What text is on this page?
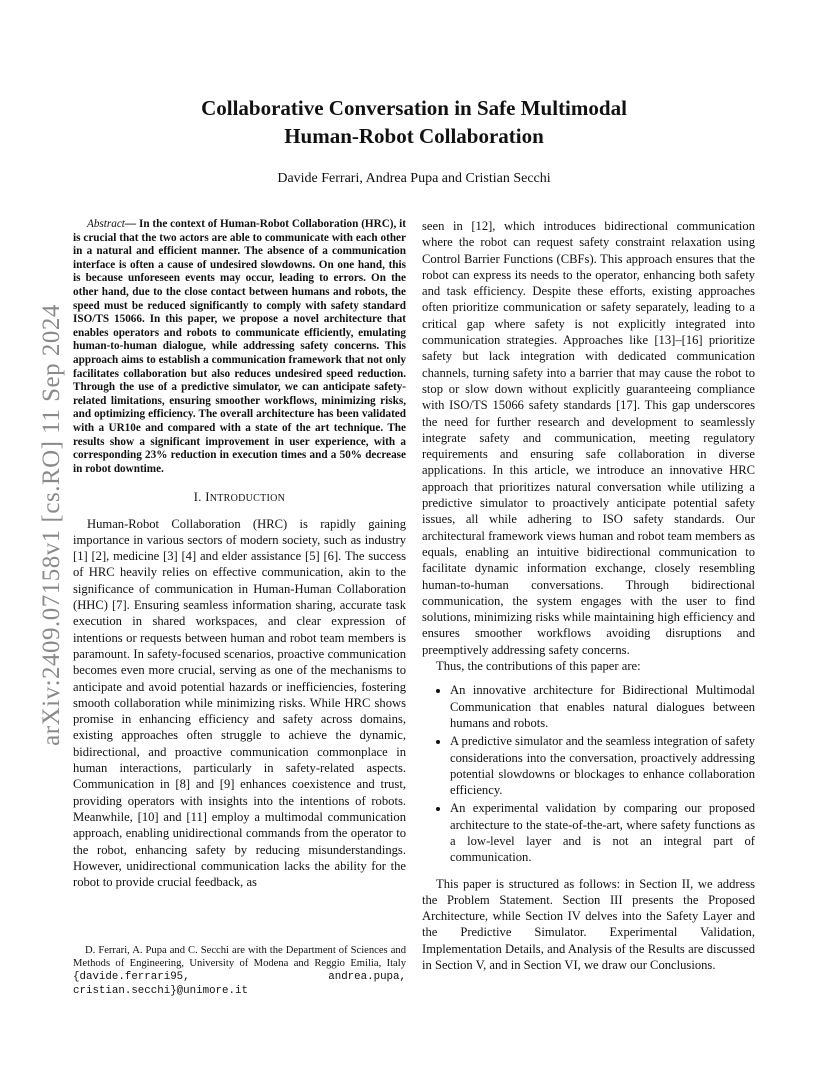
arXiv:2409.07158v1 [cs.RO] 11 Sep 2024
Collaborative Conversation in Safe Multimodal
Human-Robot Collaboration
Davide Ferrari, Andrea Pupa and Cristian Secchi

Abstract— In the context of Human-Robot Collaboration (HRC), it is crucial that the two actors are able to communicate with each other in a natural and efficient manner. The absence of a communication interface is often a cause of undesired slowdowns. On one hand, this is because unforeseen events may occur, leading to errors. On the other hand, due to the close contact between humans and robots, the speed must be reduced significantly to comply with safety standard ISO/TS 15066. In this paper, we propose a novel architecture that enables operators and robots to communicate efficiently, emulating human-to-human dialogue, while addressing safety concerns. This approach aims to establish a communication framework that not only facilitates collaboration but also reduces undesired speed reduction. Through the use of a predictive simulator, we can anticipate safety-related limitations, ensuring smoother workflows, minimizing risks, and optimizing efficiency. The overall architecture has been validated with a UR10e and compared with a state of the art technique. The results show a significant improvement in user experience, with a corresponding 23% reduction in execution times and a 50% decrease in robot downtime.

I. INTRODUCTION

Human-Robot Collaboration (HRC) is rapidly gaining importance in various sectors of modern society, such as industry [1] [2], medicine [3] [4] and elder assistance [5] [6]. The success of HRC heavily relies on effective communication, akin to the significance of communication in Human-Human Collaboration (HHC) [7]. Ensuring seamless information sharing, accurate task execution in shared workspaces, and clear expression of intentions or requests between human and robot team members is paramount. In safety-focused scenarios, proactive communication becomes even more crucial, serving as one of the mechanisms to anticipate and avoid potential hazards or inefficiencies, fostering smooth collaboration while minimizing risks. While HRC shows promise in enhancing efficiency and safety across domains, existing approaches often struggle to achieve the dynamic, bidirectional, and proactive communication commonplace in human interactions, particularly in safety-related aspects. Communication in [8] and [9] enhances coexistence and trust, providing operators with insights into the intentions of robots. Meanwhile, [10] and [11] employ a multimodal communication approach, enabling unidirectional commands from the operator to the robot, enhancing safety by reducing misunderstandings. However, unidirectional communication lacks the ability for the robot to provide crucial feedback, as

D. Ferrari, A. Pupa and C. Secchi are with the Department of Sciences and Methods of Engineering, University of Modena and Reggio Emilia, Italy {davide.ferrari95, andrea.pupa, cristian.secchi}@unimore.it

seen in [12], which introduces bidirectional communication where the robot can request safety constraint relaxation using Control Barrier Functions (CBFs). This approach ensures that the robot can express its needs to the operator, enhancing both safety and task efficiency. Despite these efforts, existing approaches often prioritize communication or safety separately, leading to a critical gap where safety is not explicitly integrated into communication strategies. Approaches like [13]–[16] prioritize safety but lack integration with dedicated communication channels, turning safety into a barrier that may cause the robot to stop or slow down without explicitly guaranteeing compliance with ISO/TS 15066 safety standards [17]. This gap underscores the need for further research and development to seamlessly integrate safety and communication, meeting regulatory requirements and ensuring safe collaboration in diverse applications. In this article, we introduce an innovative HRC approach that prioritizes natural conversation while utilizing a predictive simulator to proactively anticipate potential safety issues, all while adhering to ISO safety standards. Our architectural framework views human and robot team members as equals, enabling an intuitive bidirectional communication to facilitate dynamic information exchange, closely resembling human-to-human conversations. Through bidirectional communication, the system engages with the user to find solutions, minimizing risks while maintaining high efficiency and ensures smoother workflows avoiding disruptions and preemptively addressing safety concerns.

Thus, the contributions of this paper are:

• An innovative architecture for Bidirectional Multimodal Communication that enables natural dialogues between humans and robots.
• A predictive simulator and the seamless integration of safety considerations into the conversation, proactively addressing potential slowdowns or blockages to enhance collaboration efficiency.
• An experimental validation by comparing our proposed architecture to the state-of-the-art, where safety functions as a low-level layer and is not an integral part of communication.

This paper is structured as follows: in Section II, we address the Problem Statement. Section III presents the Proposed Architecture, while Section IV delves into the Safety Layer and the Predictive Simulator. Experimental Validation, Implementation Details, and Analysis of the Results are discussed in Section V, and in Section VI, we draw our Conclusions.
